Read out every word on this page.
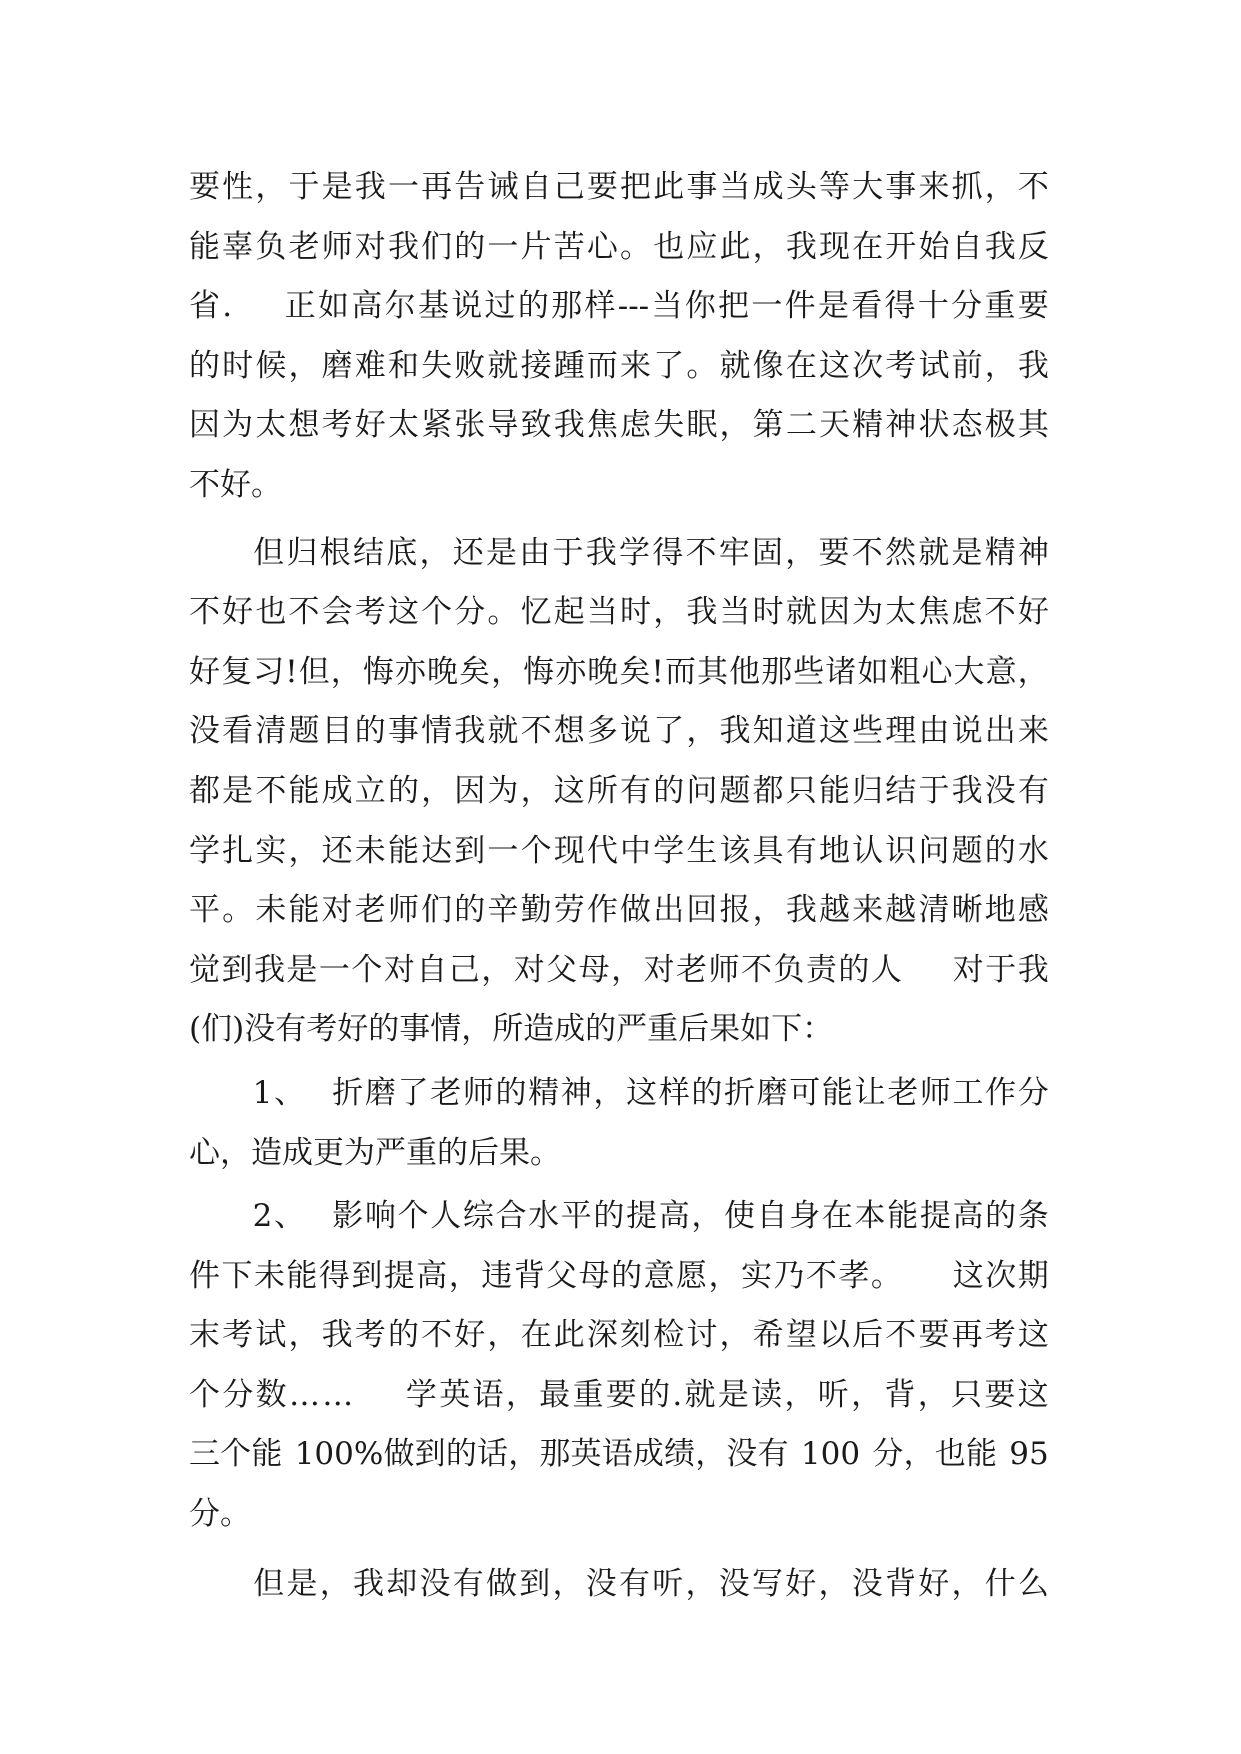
要 性 ， 于 是 我 一 再 告 诫 自 己 要 把 此 事 当 成 头 等 大 事 来 抓 ， 不
能 辜 负 老 师 对 我 们 的 一 片 苦 心 。 也 应 此 ， 我 现 在 开 始 自 我 反
省 . 正 如 高 尔 基 说 过 的 那 样 --- 当 你 把 一 件 是 看 得 十 分 重 要
的 时 候 ， 磨 难 和 失 败 就 接 踵 而 来 了 。 就 像 在 这 次 考 试 前 ， 我
因 为 太 想 考 好 太 紧 张 导 致 我 焦 虑 失 眠 ， 第 二 天 精 神 状 态 极 其
不好。
但 归 根 结 底 ， 还 是 由 于 我 学 得 不 牢 固 ， 要 不 然 就 是 精 神
不 好 也 不 会 考 这 个 分 。 忆 起 当 时 ， 我 当 时 就 因 为 太 焦 虑 不 好
好 复 习 ! 但 ， 悔 亦 晚 矣 ， 悔 亦 晚 矣 ! 而 其 他 那 些 诸 如 粗 心 大 意 ，
没 看 清 题 目 的 事 情 我 就 不 想 多 说 了 ， 我 知 道 这 些 理 由 说 出 来
都 是 不 能 成 立 的 ， 因 为 ， 这 所 有 的 问 题 都 只 能 归 结 于 我 没 有
学 扎 实 ， 还 未 能 达 到 一 个 现 代 中 学 生 该 具 有 地 认 识 问 题 的 水
平 。 未 能 对 老 师 们 的 辛 勤 劳 作 做 出 回 报 ， 我 越 来 越 清 晰 地 感
觉 到 我 是 一 个 对 自 己 ， 对 父 母 ， 对 老 师 不 负 责 的 人 对 于 我
(们)没有考好的事情，所造成的严重后果如下：
1 、 折 磨 了 老 师 的 精 神 ， 这 样 的 折 磨 可 能 让 老 师 工 作 分
心，造成更为严重的后果。
2 、 影 响 个 人 综 合 水 平 的 提 高 ， 使 自 身 在 本 能 提 高 的 条
件 下 未 能 得 到 提 高 ， 违 背 父 母 的 意 愿 ， 实 乃 不 孝 。 这 次 期
末 考 试 ， 我 考 的 不 好 ， 在 此 深 刻 检 讨 ， 希 望 以 后 不 要 再 考 这
个 分 数 … … 学 英 语 ， 最 重 要 的 . 就 是 读 ， 听 ， 背 ， 只 要 这
三 个 能 100% 做 到 的 话 ， 那 英 语 成 绩 ， 没 有 100 分 ， 也 能 95
分。
但 是 ， 我 却 没 有 做 到 ， 没 有 听 ， 没 写 好 ， 没 背 好 ， 什 么
